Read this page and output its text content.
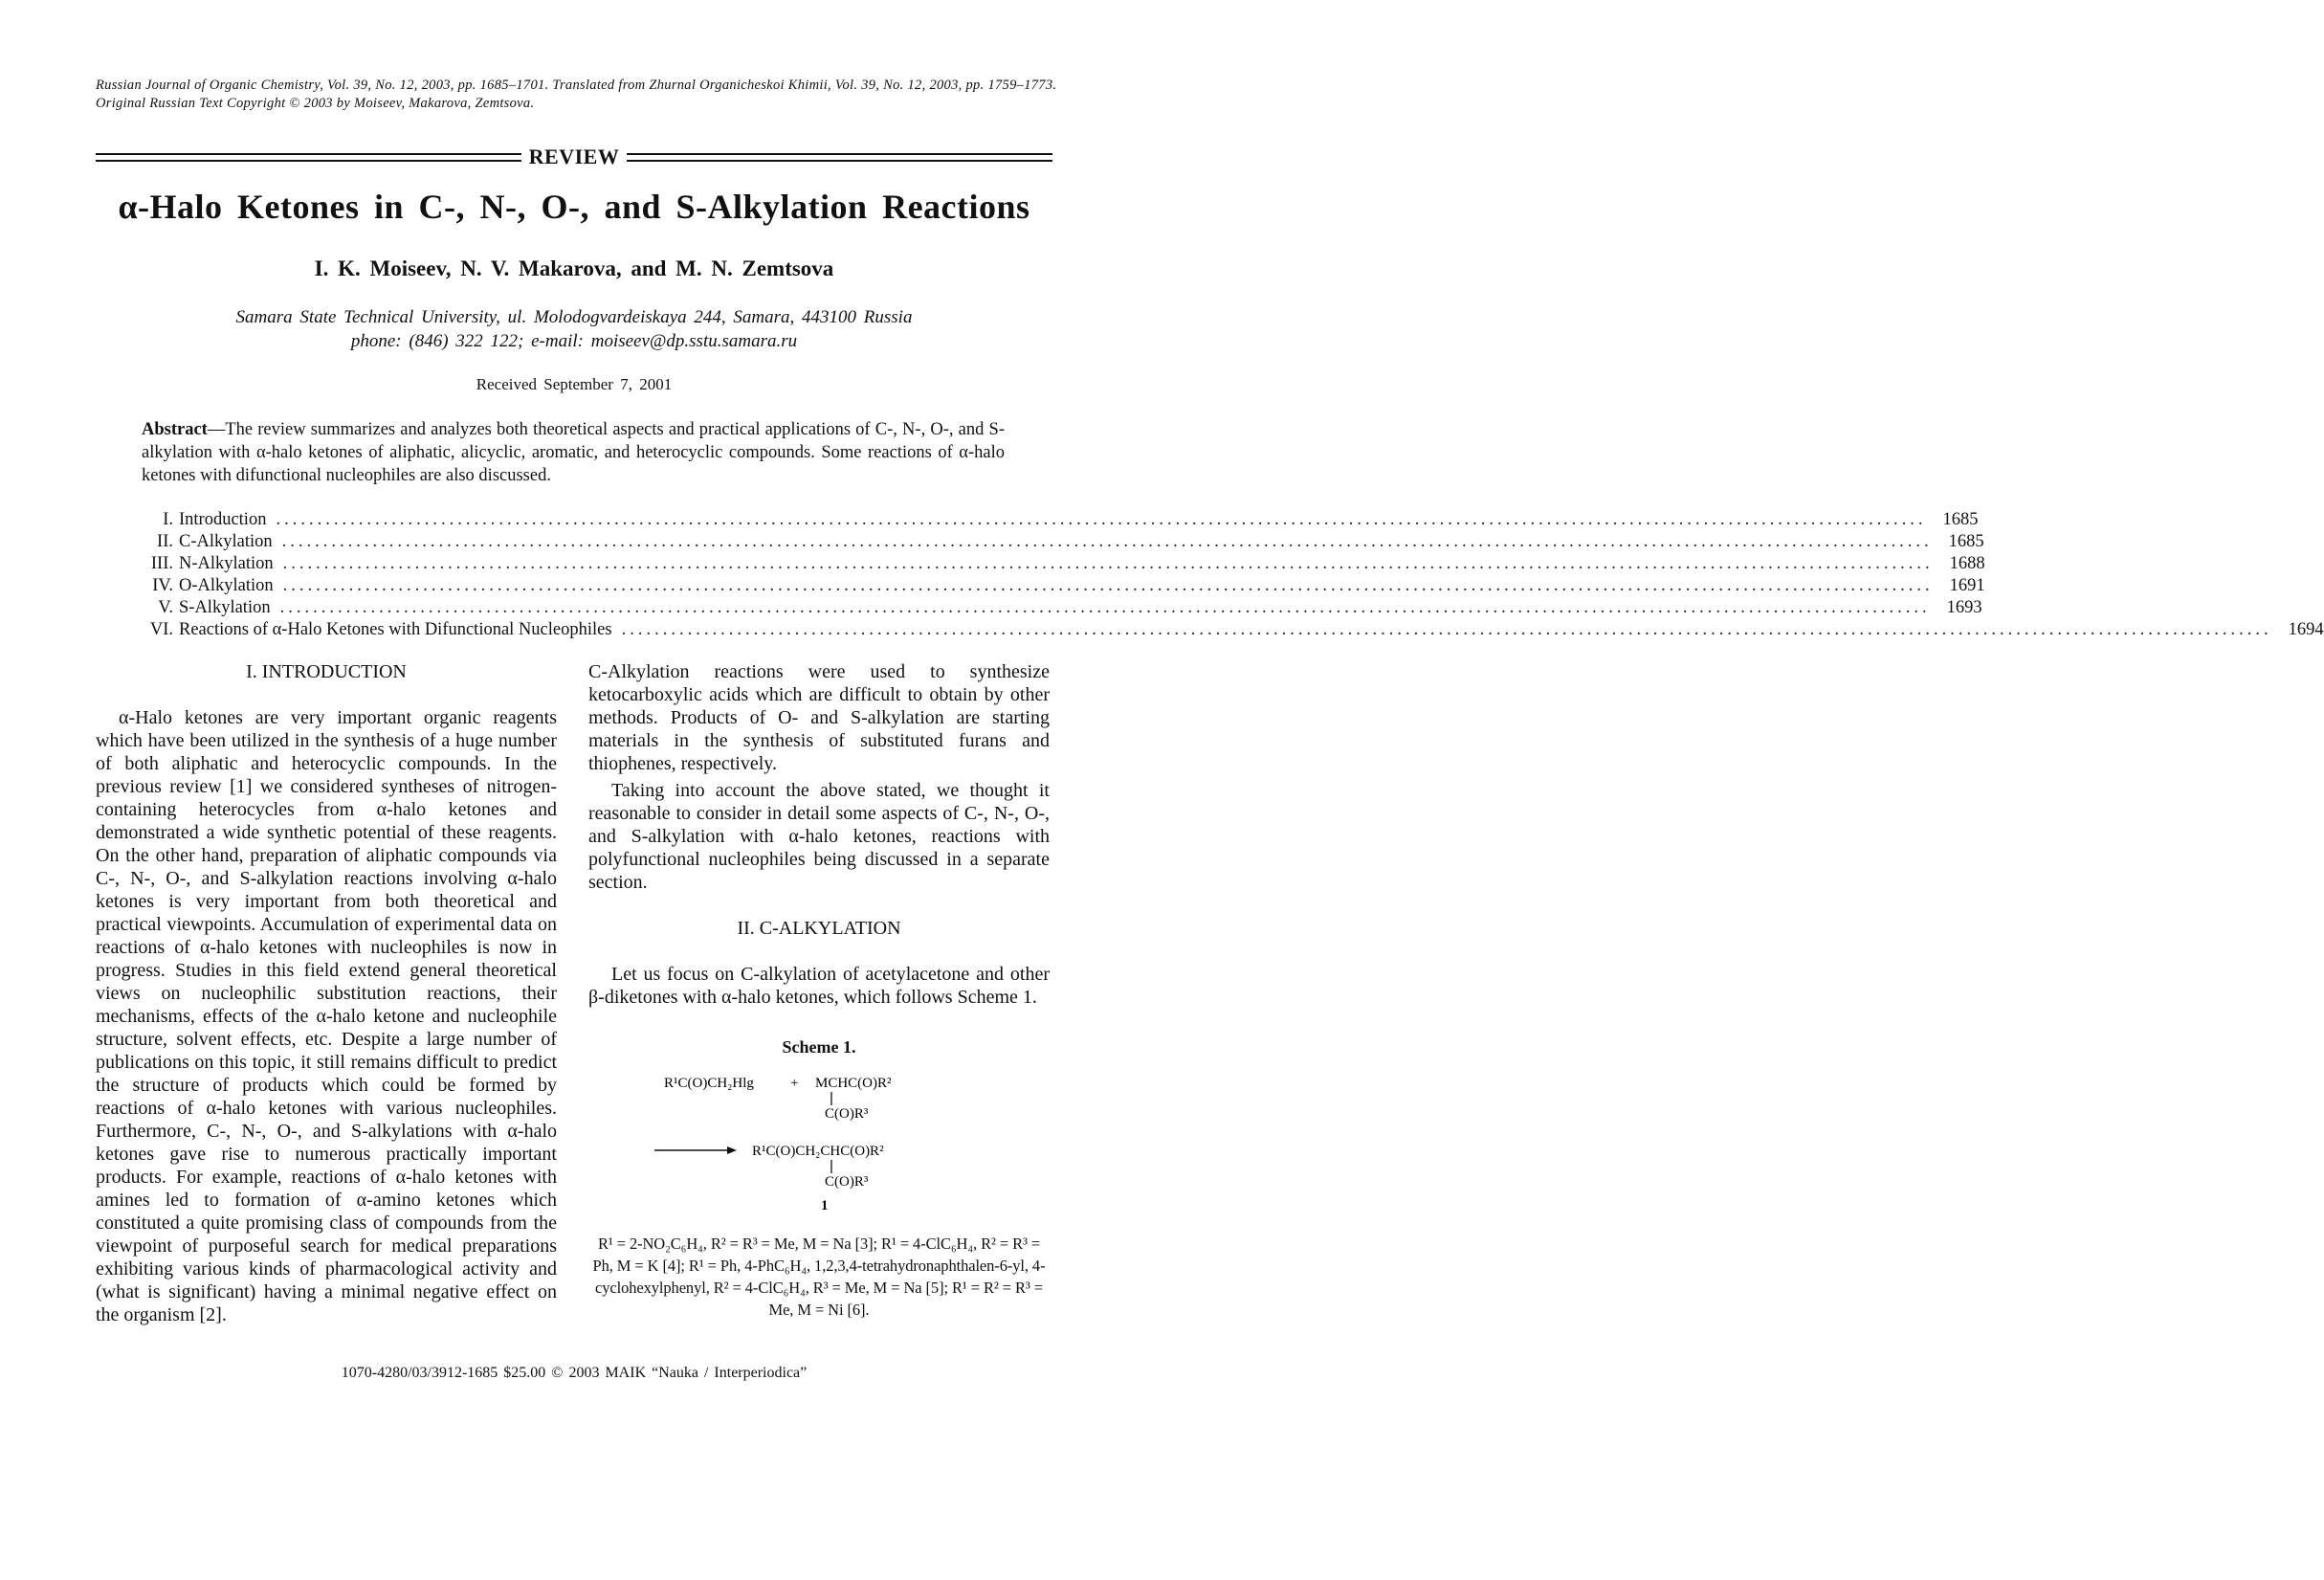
Russian Journal of Organic Chemistry, Vol. 39, No. 12, 2003, pp. 1685–1701. Translated from Zhurnal Organicheskoi Khimii, Vol. 39, No. 12, 2003, pp. 1759–1773.
Original Russian Text Copyright © 2003 by Moiseev, Makarova, Zemtsova.
REVIEW
α-Halo Ketones in C-, N-, O-, and S-Alkylation Reactions
I. K. Moiseev, N. V. Makarova, and M. N. Zemtsova
Samara State Technical University, ul. Molodogvardeiskaya 244, Samara, 443100 Russia
phone: (846) 322 122; e-mail: moiseev@dp.sstu.samara.ru
Received September 7, 2001
Abstract—The review summarizes and analyzes both theoretical aspects and practical applications of C-, N-, O-, and S-alkylation with α-halo ketones of aliphatic, alicyclic, aromatic, and heterocyclic compounds. Some reactions of α-halo ketones with difunctional nucleophiles are also discussed.
I. Introduction ........................................................................................................................................................................................................ 1685
II. C-Alkylation ........................................................................................................................................................................................................ 1685
III. N-Alkylation ........................................................................................................................................................................................................ 1688
IV. O-Alkylation ........................................................................................................................................................................................................ 1691
V. S-Alkylation ........................................................................................................................................................................................................ 1693
VI. Reactions of α-Halo Ketones with Difunctional Nucleophiles ........................................................................................................................................................................................................ 1694
I. INTRODUCTION

α-Halo ketones are very important organic reagents which have been utilized in the synthesis of a huge number of both aliphatic and heterocyclic compounds. In the previous review [1] we considered syntheses of nitrogen-containing heterocycles from α-halo ketones and demonstrated a wide synthetic potential of these reagents. On the other hand, preparation of aliphatic compounds via C-, N-, O-, and S-alkylation reactions involving α-halo ketones is very important from both theoretical and practical viewpoints. Accumulation of experimental data on reactions of α-halo ketones with nucleophiles is now in progress. Studies in this field extend general theoretical views on nucleophilic substitution reactions, their mechanisms, effects of the α-halo ketone and nucleophile structure, solvent effects, etc. Despite a large number of publications on this topic, it still remains difficult to predict the structure of products which could be formed by reactions of α-halo ketones with various nucleophiles. Furthermore, C-, N-, O-, and S-alkylations with α-halo ketones gave rise to numerous practically important products. For example, reactions of α-halo ketones with amines led to formation of α-amino ketones which constituted a quite promising class of compounds from the viewpoint of purposeful search for medical preparations exhibiting various kinds of pharmacological activity and (what is significant) having a minimal negative effect on the organism [2].

C-Alkylation reactions were used to synthesize ketocarboxylic acids which are difficult to obtain by other methods. Products of O- and S-alkylation are starting materials in the synthesis of substituted furans and thiophenes, respectively.

Taking into account the above stated, we thought it reasonable to consider in detail some aspects of C-, N-, O-, and S-alkylation with α-halo ketones, reactions with polyfunctional nucleophiles being discussed in a separate section.

II. C-ALKYLATION

Let us focus on C-alkylation of acetylacetone and other β-diketones with α-halo ketones, which follows Scheme 1.

Scheme 1.
R¹C(O)CH₂Hlg	+ MCHC(O)R²
C(O)R³
R¹C(O)CH₂CHC(O)R²
C(O)R³
1
R¹ = 2-NO₂C₆H₄, R² = R³ = Me, M = Na [3]; R¹ = 4-ClC₆H₄, R² = R³ = Ph, M = K [4]; R¹ = Ph, 4-PhC₆H₄, 1,2,3,4-tetrahydronaphthalen-6-yl, 4-cyclohexylphenyl, R² = 4-ClC₆H₄, R³ = Me, M = Na [5]; R¹ = R² = R³ = Me, M = Ni [6].
1070-4280/03/3912-1685 $25.00 © 2003 MAIK “Nauka / Interperiodica”
